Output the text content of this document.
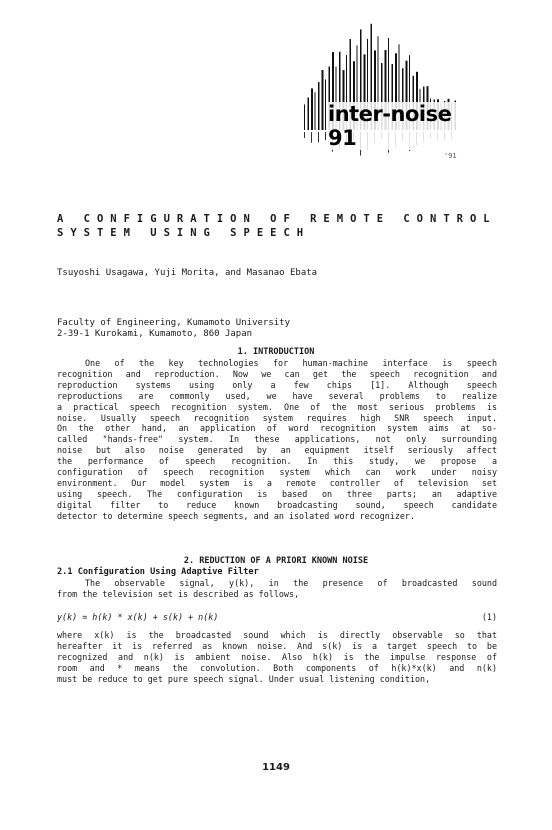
inter-noise 91
'91
A CONFIGURATION OF REMOTE CONTROL
SYSTEM USING SPEECH
Tsuyoshi Usagawa, Yuji Morita, and Masanao Ebata
Faculty of Engineering, Kumamoto University
2-39-1 Kurokami, Kumamoto, 860 Japan
1. INTRODUCTION
One of the key technologies for human-machine interface is speech
recognition and reproduction. Now we can get the speech recognition and
reproduction systems using only a few chips [1]. Although speech
reproductions are commonly used, we have several problems to realize
a practical speech recognition system. One of the most serious problems is
noise. Usually speech recognition system requires high SNR speech input.
On the other hand, an application of word recognition system aims at so-
called "hands-free" system. In these applications, not only surrounding
noise but also noise generated by an equipment itself seriously affect
the performance of speech recognition. In this study, we propose a
configuration of speech recognition system which can work under noisy
environment. Our model system is a remote controller of television set
using speech. The configuration is based on three parts; an adaptive
digital filter to reduce known broadcasting sound, speech candidate
detector to determine speech segments, and an isolated word recognizer.
2. REDUCTION OF A PRIORI KNOWN NOISE
2.1 Configuration Using Adaptive Filter
The observable signal, y(k), in the presence of broadcasted sound
from the television set is described as follows,
y(k) = h(k) * x(k) + s(k) + n(k)	(1)
where x(k) is the broadcasted sound which is directly observable so that
hereafter it is referred as known noise. And s(k) is a target speech to be
recognized and n(k) is ambient noise. Also h(k) is the impulse response of
room and * means the convolution. Both components of h(k)*x(k) and n(k)
must be reduce to get pure speech signal. Under usual listening condition,
1149
